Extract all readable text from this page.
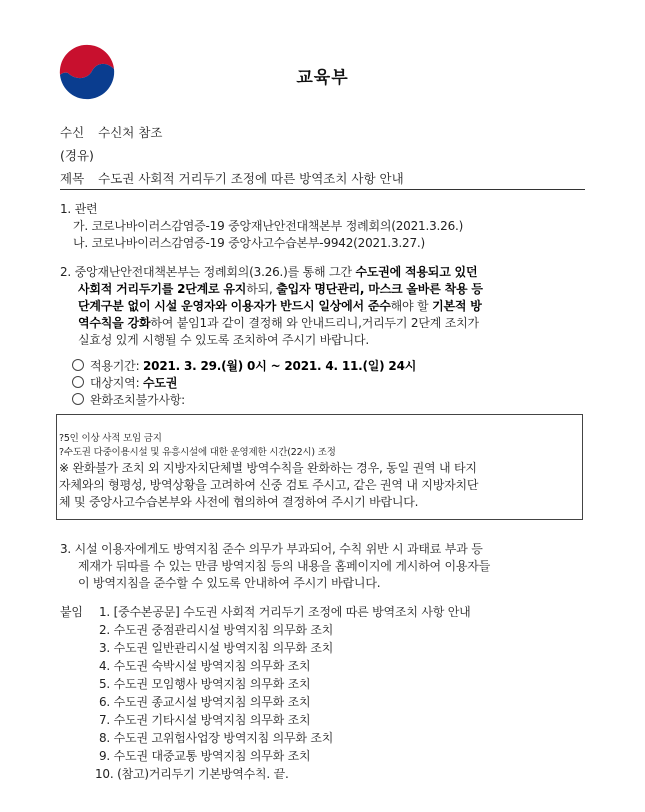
교육부
수신 수신처 참조
(경유)
제목 수도권 사회적 거리두기 조정에 따른 방역조치 사항 안내
1. 관련
가. 코로나바이러스감염증-19 중앙재난안전대책본부 정례회의(2021.3.26.)
나. 코로나바이러스감염증-19 중앙사고수습본부-9942(2021.3.27.)
2. 중앙재난안전대책본부는 정례회의(3.26.)를 통해 그간 수도권에 적용되고 있던
사회적 거리두기를 2단계로 유지하되, 출입자 명단관리, 마스크 올바른 착용 등
단계구분 없이 시설 운영자와 이용자가 반드시 일상에서 준수해야 할 기본적 방
역수칙을 강화하여 붙임1과 같이 결정해 와 안내드리니,거리두기 2단계 조치가
실효성 있게 시행될 수 있도록 조치하여 주시기 바랍니다.
적용기간: 2021. 3. 29.(월) 0시 ~ 2021. 4. 11.(일) 24시
대상지역: 수도권
완화조치불가사항:
?5인 이상 사적 모임 금지
?수도권 다중이용시설 및 유흥시설에 대한 운영제한 시간(22시) 조정
※ 완화불가 조치 외 지방자치단체별 방역수칙을 완화하는 경우, 동일 권역 내 타지
자체와의 형평성, 방역상황을 고려하여 신중 검토 주시고, 같은 권역 내 지방자치단
체 및 중앙사고수습본부와 사전에 협의하여 결정하여 주시기 바랍니다.
3. 시설 이용자에게도 방역지침 준수 의무가 부과되어, 수칙 위반 시 과태료 부과 등
제재가 뒤따를 수 있는 만큼 방역지침 등의 내용을 홈페이지에 게시하여 이용자들
이 방역지침을 준수할 수 있도록 안내하여 주시기 바랍니다.
붙임 1. [중수본공문] 수도권 사회적 거리두기 조정에 따른 방역조치 사항 안내
2. 수도권 중점관리시설 방역지침 의무화 조치
3. 수도권 일반관리시설 방역지침 의무화 조치
4. 수도권 숙박시설 방역지침 의무화 조치
5. 수도권 모임행사 방역지침 의무화 조치
6. 수도권 종교시설 방역지침 의무화 조치
7. 수도권 기타시설 방역지침 의무화 조치
8. 수도권 고위험사업장 방역지침 의무화 조치
9. 수도권 대중교통 방역지침 의무화 조치
10. (참고)거리두기 기본방역수칙. 끝.
